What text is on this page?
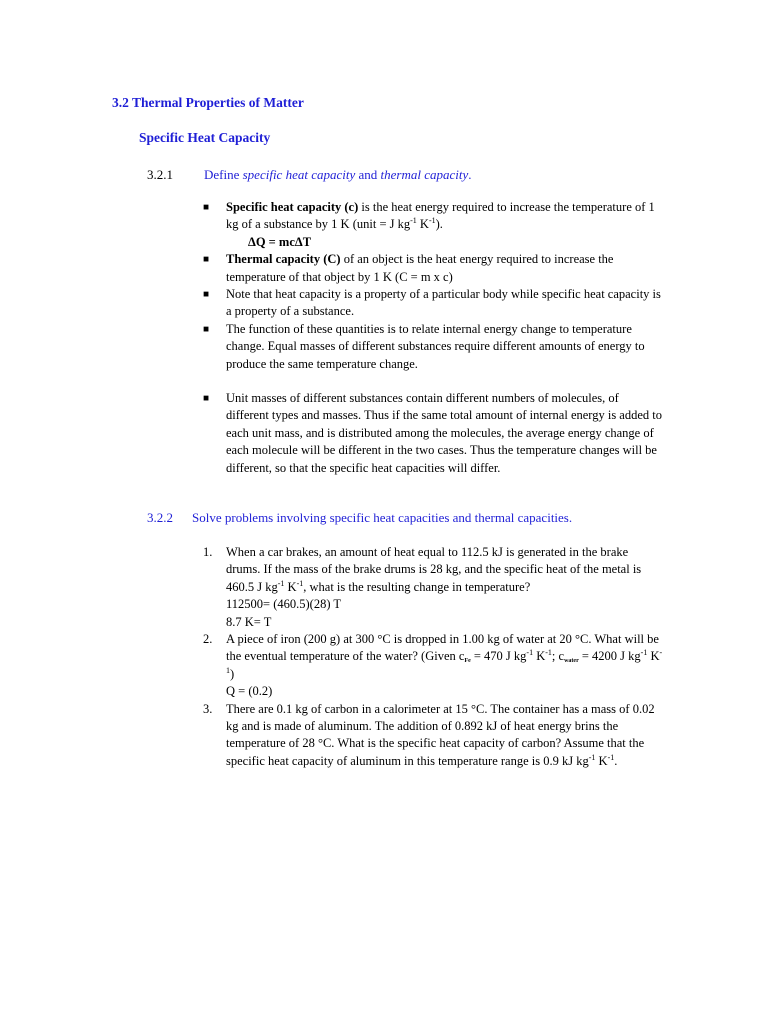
3.2 Thermal Properties of Matter
Specific Heat Capacity
3.2.1 Define specific heat capacity and thermal capacity.
■ Specific heat capacity (c) is the heat energy required to increase the temperature of 1 kg of a substance by 1 K (unit = J $kg^{-1}$ $K^{-1}$).
ΔQ = mcΔT
■ Thermal capacity (C) of an object is the heat energy required to increase the temperature of that object by 1 K (C = m x c)
■ Note that heat capacity is a property of a particular body while specific heat capacity is a property of a substance.
■ The function of these quantities is to relate internal energy change to temperature change. Equal masses of different substances require different amounts of energy to produce the same temperature change.
■ Unit masses of different substances contain different numbers of molecules, of different types and masses. Thus if the same total amount of internal energy is added to each unit mass, and is distributed among the molecules, the average energy change of each molecule will be different in the two cases. Thus the temperature changes will be different, so that the specific heat capacities will differ.
3.2.2 Solve problems involving specific heat capacities and thermal capacities.
1. When a car brakes, an amount of heat equal to 112.5 kJ is generated in the brake drums. If the mass of the brake drums is 28 kg, and the specific heat of the metal is 460.5 J $kg^{-1}$ $K^{-1}$, what is the resulting change in temperature?
112500= (460.5)(28) T
8.7 K= T
2. A piece of iron (200 g) at 300 °C is dropped in 1.00 kg of water at 20 °C. What will be the eventual temperature of the water? (Given $c_{Fe} = 470$ J $kg^{-1}$ $K^{-1}$; $c_{water} = 4200$ J $kg^{-1}$ $K^{-1}$)
Q = (0.2)
3. There are 0.1 kg of carbon in a calorimeter at 15 °C. The container has a mass of 0.02 kg and is made of aluminum. The addition of 0.892 kJ of heat energy brins the temperature of 28 °C. What is the specific heat capacity of carbon? Assume that the specific heat capacity of aluminum in this temperature range is 0.9 kJ $kg^{-1}$ $K^{-1}$.
